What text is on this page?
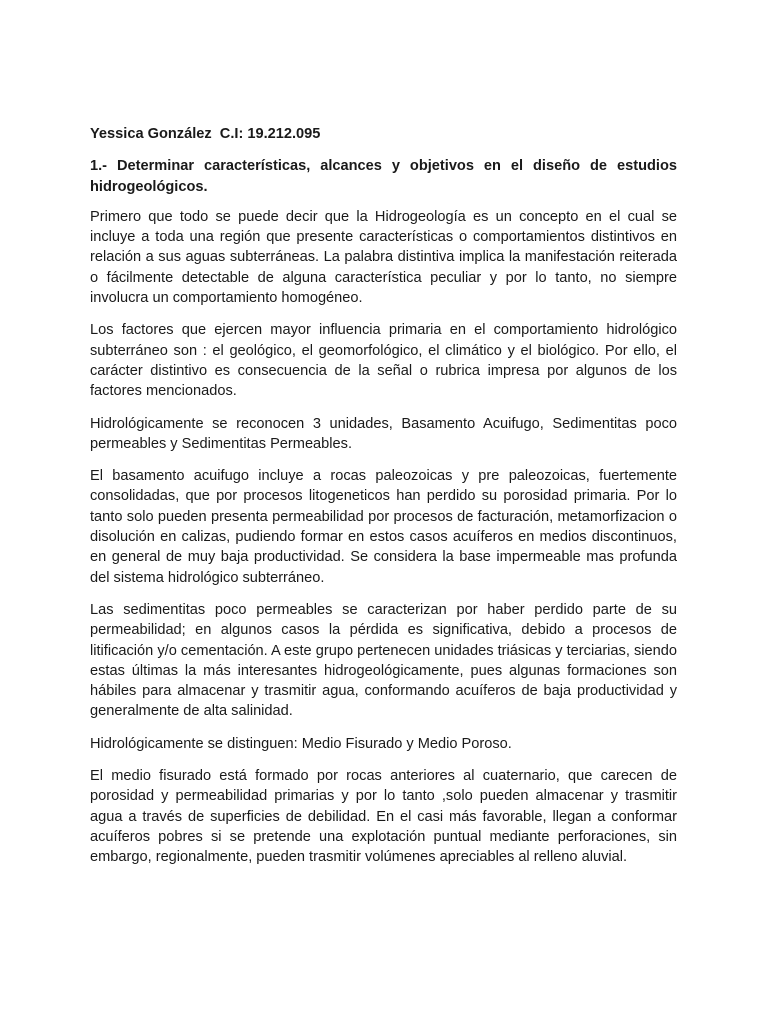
Yessica González  C.I: 19.212.095

1.- Determinar características, alcances y objetivos en el diseño de estudios hidrogeológicos.

Primero que todo se puede decir que la Hidrogeología es un concepto en el cual se incluye a toda una región que presente características o comportamientos distintivos en relación a sus aguas subterráneas. La palabra distintiva implica la manifestación reiterada o fácilmente detectable de alguna característica peculiar y por lo tanto, no siempre involucra un comportamiento homogéneo.

Los factores que ejercen mayor influencia primaria en el comportamiento hidrológico subterráneo son : el geológico, el geomorfológico, el climático y el biológico. Por ello, el carácter distintivo es consecuencia de la señal o rubrica impresa por algunos de los factores mencionados.

Hidrológicamente se reconocen 3 unidades, Basamento Acuifugo, Sedimentitas poco permeables y Sedimentitas Permeables.

El basamento acuifugo incluye a rocas paleozoicas y pre paleozoicas, fuertemente consolidadas, que por procesos litogeneticos han perdido su porosidad primaria. Por lo tanto solo pueden presenta permeabilidad por procesos de facturación, metamorfizacion o disolución en calizas, pudiendo formar en estos casos acuíferos en medios discontinuos, en general de muy baja productividad. Se considera la base impermeable mas profunda del sistema hidrológico subterráneo.

Las sedimentitas poco permeables se caracterizan por haber perdido parte de su permeabilidad; en algunos casos la pérdida es significativa, debido a procesos de litificación y/o cementación. A este grupo pertenecen unidades triásicas y terciarias, siendo estas últimas la más interesantes hidrogeológicamente, pues algunas formaciones son hábiles para almacenar y trasmitir agua, conformando acuíferos de baja productividad y generalmente de alta salinidad.

Hidrológicamente se distinguen: Medio Fisurado y Medio Poroso.

El medio fisurado está formado por rocas anteriores al cuaternario, que carecen de porosidad y permeabilidad primarias y por lo tanto ,solo pueden almacenar y trasmitir agua a través de superficies de debilidad. En el casi más favorable, llegan a conformar acuíferos pobres si se pretende una explotación puntual mediante perforaciones, sin embargo, regionalmente, pueden trasmitir volúmenes apreciables al relleno aluvial.
